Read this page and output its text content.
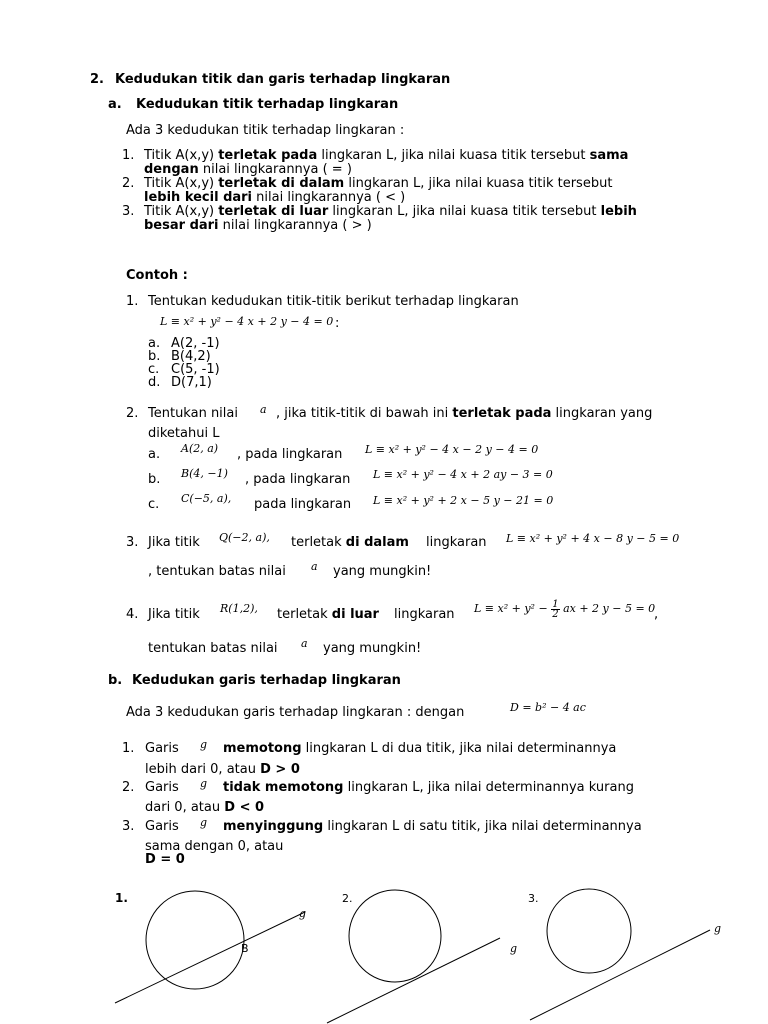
2. Kedudukan titik dan garis terhadap lingkaran
a. Kedudukan titik terhadap lingkaran
Ada 3 kedudukan titik terhadap lingkaran :
1. Titik A(x,y) terletak pada lingkaran L, jika nilai kuasa titik tersebut sama
dengan nilai lingkarannya ( = )
2. Titik A(x,y) terletak di dalam lingkaran L, jika nilai kuasa titik tersebut
lebih kecil dari nilai lingkarannya ( < )
3. Titik A(x,y) terletak di luar lingkaran L, jika nilai kuasa titik tersebut lebih
besar dari nilai lingkarannya ( > )
Contoh :
1. Tentukan kedudukan titik-titik berikut terhadap lingkaran
L ≡ x² + y² − 4 x + 2 y − 4 = 0 :
a. A(2, -1)
b. B(4,2)
c. C(5, -1)
d. D(7,1)
2. Tentukan nilai a , jika titik-titik di bawah ini terletak pada lingkaran yang
diketahui L
a. A(2, a) , pada lingkaran L ≡ x² + y² − 4 x − 2 y − 4 = 0
b. B(4, −1) , pada lingkaran L ≡ x² + y² − 4 x + 2 ay − 3 = 0
c. C(−5, a), pada lingkaran L ≡ x² + y² + 2 x − 5 y − 21 = 0
3. Jika titik Q(−2, a), terletak di dalam lingkaran L ≡ x² + y² + 4 x − 8 y − 5 = 0
, tentukan batas nilai a yang mungkin!
4. Jika titik R(1,2), terletak di luar lingkaran $L \equiv x^2 + y^2 - \frac{1}{2}$ ax + 2 y − 5 = 0
,
tentukan batas nilai a yang mungkin!
b. Kedudukan garis terhadap lingkaran
Ada 3 kedudukan garis terhadap lingkaran : dengan	D = b² − 4 ac
1. Garis g memotong lingkaran L di dua titik, jika nilai determinannya
lebih dari 0, atau D > 0
2. Garis g tidak memotong lingkaran L, jika nilai determinannya kurang
dari 0, atau D < 0
3. Garis g menyinggung lingkaran L di satu titik, jika nilai determinannya
sama dengan 0, atau
D = 0
1.	2.	3.
B
g
g
g
